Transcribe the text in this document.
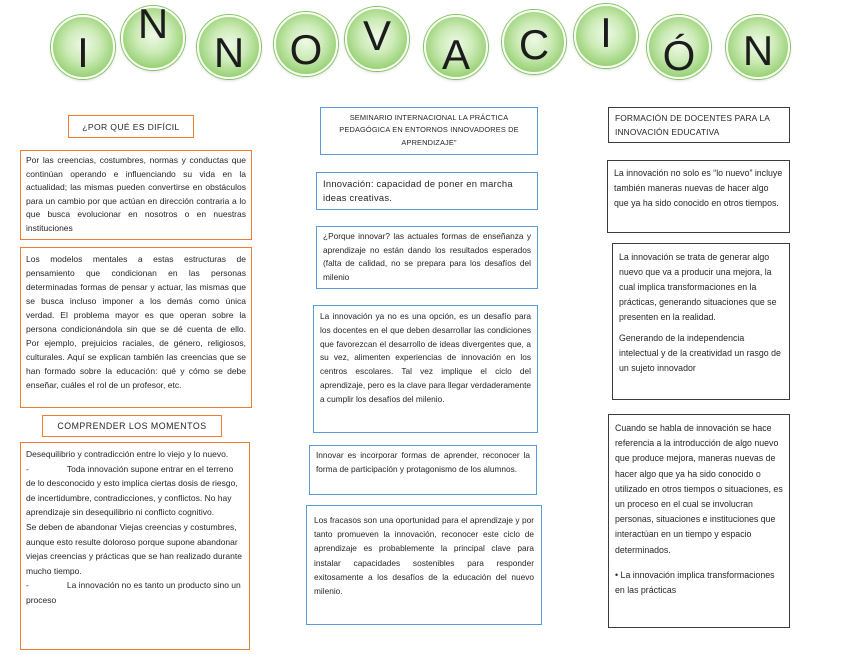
I
N
N O V A C I Ó N
¿POR QUÉ ES DIFÍCIL

Por las creencias, costumbres, normas y conductas que continúan operando e influenciando su vida en la actualidad; las mismas pueden convertirse en obstáculos para un cambio por que actúan en dirección contraria a lo que busca evolucionar en nosotros o en nuestras instituciones

Los modelos mentales a estas estructuras de pensamiento que condicionan en las personas determinadas formas de pensar y actuar, las mismas que se busca incluso imponer a los demás como única verdad. El problema mayor es que operan sobre la persona condicionándola sin que se dé cuenta de ello. Por ejemplo, prejuicios raciales, de género, religiosos, culturales. Aquí se explican también las creencias que se han formado sobre la educación: qué y cómo se debe enseñar, cuáles el rol de un profesor, etc.

COMPRENDER LOS MOMENTOS

Desequilibrio y contradicción entre lo viejo y lo nuevo.

-	Toda innovación supone entrar en el terreno de lo desconocido y esto implica ciertas dosis de riesgo, de incertidumbre, contradicciones, y conflictos. No hay aprendizaje sin desequilibrio ni conflicto cognitivo.

Se deben de abandonar Viejas creencias y costumbres, aunque esto resulte doloroso porque supone abandonar viejas creencias y prácticas que se han realizado durante mucho tiempo.

-	La innovación no es tanto un producto sino un proceso

SEMINARIO INTERNACIONAL LA PRÁCTICA PEDAGÓGICA EN ENTORNOS INNOVADORES DE APRENDIZAJE”

Innovación: capacidad de poner en marcha ideas creativas.

¿Porque innovar? las actuales formas de enseñanza y aprendizaje no están dando los resultados esperados (falta de calidad, no se prepara para los desafíos del milenio

La innovación ya no es una opción, es un desafío para los docentes en el que deben desarrollar las condiciones que favorezcan el desarrollo de ideas divergentes que, a su vez, alimenten experiencias de innovación en los centros escolares. Tal vez implique el ciclo del aprendizaje, pero es la clave para llegar verdaderamente a cumplir los desafíos del milenio.

Innovar es incorporar formas de aprender, reconocer la forma de participación y protagonismo de los alumnos.

Los fracasos son una oportunidad para el aprendizaje y por tanto promueven la innovación, reconocer este ciclo de aprendizaje es probablemente la principal clave para instalar capacidades sostenibles para responder exitosamente a los desafíos de la educación del nuevo milenio.

FORMACIÓN DE DOCENTES PARA LA INNOVACIÓN EDUCATIVA

La innovación no solo es “lo nuevo” incluye también maneras nuevas de hacer algo que ya ha sido conocido en otros tiempos.

La innovación se trata de generar algo nuevo que va a producir una mejora, la cual implica transformaciones en la prácticas, generando situaciones que se presenten en la realidad.

Generando de la independencia intelectual y de la creatividad un rasgo de un sujeto innovador

Cuando se habla de innovación se hace referencia a la introducción de algo nuevo que produce mejora, maneras nuevas de hacer algo que ya ha sido conocido o utilizado en otros tiempos o situaciones, es un proceso en el cual se involucran personas, situaciones e instituciones que interactúan en un tiempo y espacio determinados.

• La innovación implica transformaciones en las prácticas
